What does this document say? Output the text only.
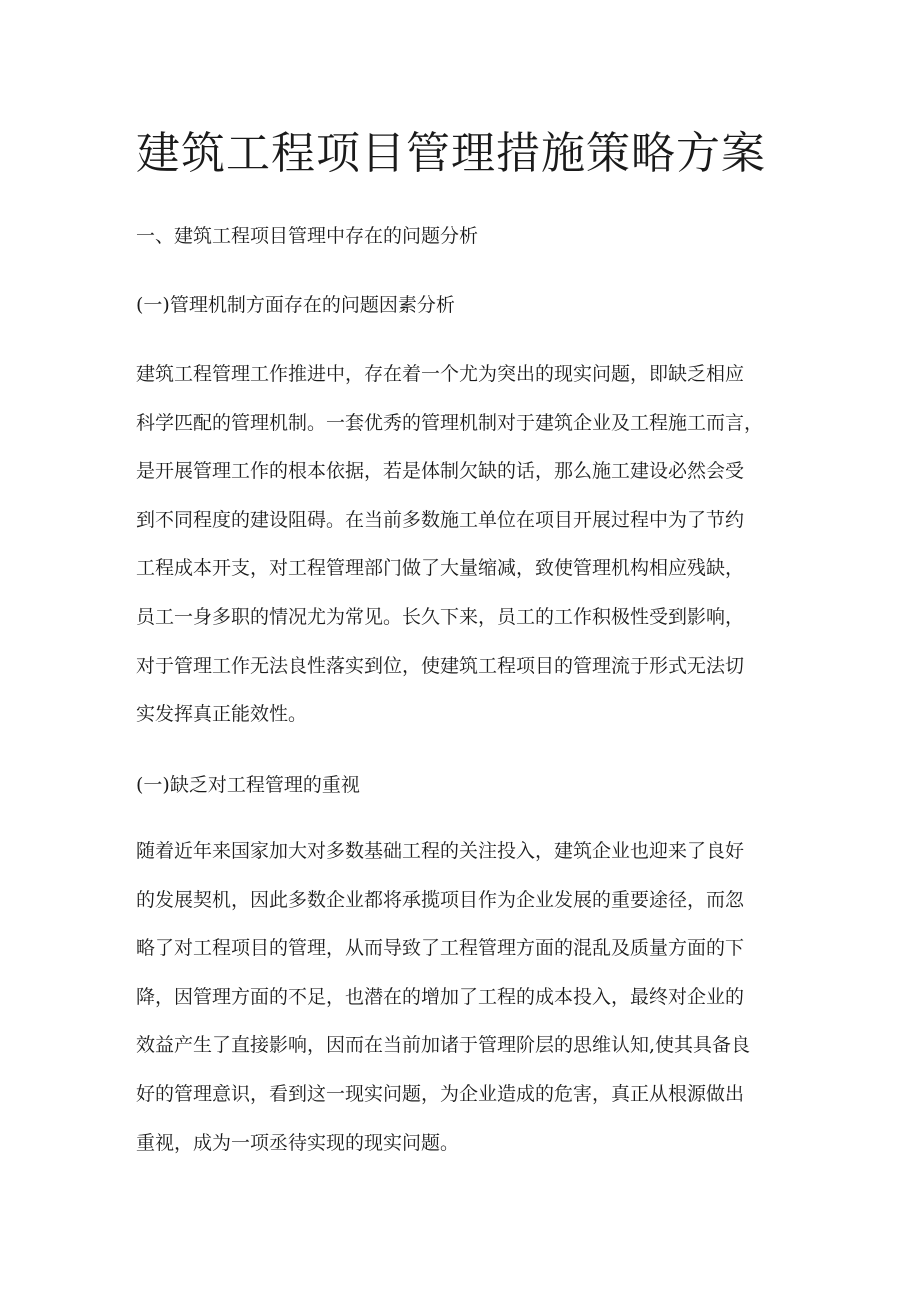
建筑工程项目管理措施策略方案
一、建筑工程项目管理中存在的问题分析
(一)管理机制方面存在的问题因素分析
建筑工程管理工作推进中，存在着一个尤为突出的现实问题，即缺乏相应
科学匹配的管理机制。一套优秀的管理机制对于建筑企业及工程施工而言，
是开展管理工作的根本依据，若是体制欠缺的话，那么施工建设必然会受
到不同程度的建设阻碍。在当前多数施工单位在项目开展过程中为了节约
工程成本开支，对工程管理部门做了大量缩减，致使管理机构相应残缺，
员工一身多职的情况尤为常见。长久下来，员工的工作积极性受到影响，
对于管理工作无法良性落实到位，使建筑工程项目的管理流于形式无法切
实发挥真正能效性。
(一)缺乏对工程管理的重视
随着近年来国家加大对多数基础工程的关注投入，建筑企业也迎来了良好
的发展契机，因此多数企业都将承揽项目作为企业发展的重要途径，而忽
略了对工程项目的管理，从而导致了工程管理方面的混乱及质量方面的下
降，因管理方面的不足，也潜在的增加了工程的成本投入，最终对企业的
效益产生了直接影响，因而在当前加诸于管理阶层的思维认知,使其具备良
好的管理意识，看到这一现实问题，为企业造成的危害，真正从根源做出
重视，成为一项丞待实现的现实问题。
